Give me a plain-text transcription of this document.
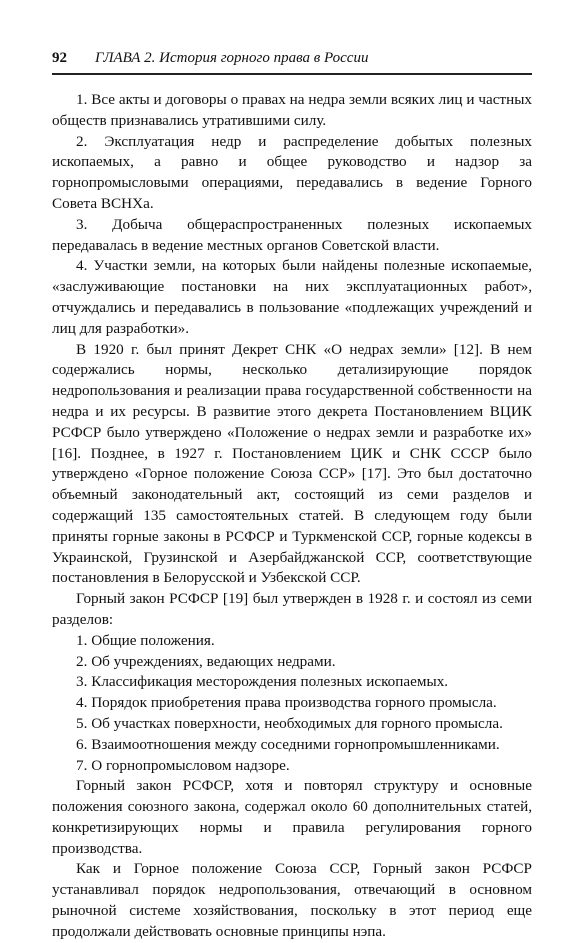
92 ГЛАВА 2. История горного права в России

1. Все акты и договоры о правах на недра земли всяких лиц и частных обществ признавались утратившими силу.

2. Эксплуатация недр и распределение добытых полезных ископаемых, а равно и общее руководство и надзор за горнопромысловыми операциями, передавались в ведение Горного Совета ВСНХа.

3. Добыча общераспространенных полезных ископаемых передавалась в ведение местных органов Советской власти.

4. Участки земли, на которых были найдены полезные ископаемые, «заслуживающие постановки на них эксплуатационных работ», отчуждались и передавались в пользование «подлежащих учреждений и лиц для разработки».

В 1920 г. был принят Декрет СНК «О недрах земли» [12]. В нем содержались нормы, несколько детализирующие порядок недропользования и реализации права государственной собственности на недра и их ресурсы. В развитие этого декрета Постановлением ВЦИК РСФСР было утверждено «Положение о недрах земли и разработке их» [16]. Позднее, в 1927 г. Постановлением ЦИК и СНК СССР было утверждено «Горное положение Союза ССР» [17]. Это был достаточно объемный законодательный акт, состоящий из семи разделов и содержащий 135 самостоятельных статей. В следующем году были приняты горные законы в РСФСР и Туркменской ССР, горные кодексы в Украинской, Грузинской и Азербайджанской ССР, соответствующие постановления в Белорусской и Узбекской ССР.

Горный закон РСФСР [19] был утвержден в 1928 г. и состоял из семи разделов:

1. Общие положения.

2. Об учреждениях, ведающих недрами.

3. Классификация месторождения полезных ископаемых.

4. Порядок приобретения права производства горного промысла.

5. Об участках поверхности, необходимых для горного промысла.

6. Взаимоотношения между соседними горнопромышленниками.

7. О горнопромысловом надзоре.

Горный закон РСФСР, хотя и повторял структуру и основные положения союзного закона, содержал около 60 дополнительных статей, конкретизирующих нормы и правила регулирования горного производства.

Как и Горное положение Союза ССР, Горный закон РСФСР устанавливал порядок недропользования, отвечающий в основном рыночной системе хозяйствования, поскольку в этот период еще продолжали действовать основные принципы нэпа.
